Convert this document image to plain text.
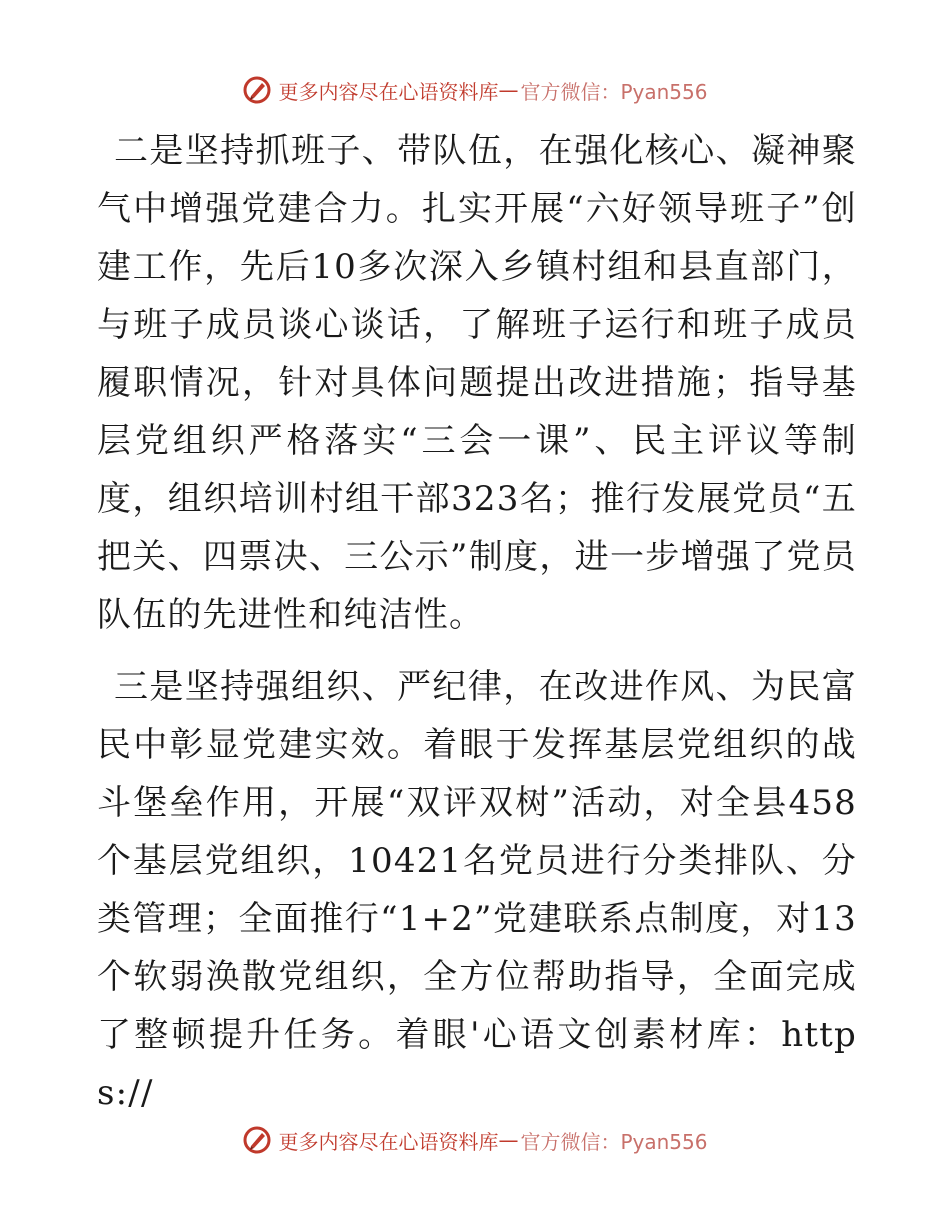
更多内容尽在心语资料库 — 官方微信：Pyan556

二是坚持抓班子、带队伍，在强化核心、凝神聚气中增强党建合力。扎实开展“六好领导班子”创建工作，先后10多次深入乡镇村组和县直部门，与班子成员谈心谈话，了解班子运行和班子成员履职情况，针对具体问题提出改进措施；指导基层党组织严格落实“三会一课”、民主评议等制度，组织培训村组干部323名；推行发展党员“五把关、四票决、三公示”制度，进一步增强了党员队伍的先进性和纯洁性。

三是坚持强组织、严纪律，在改进作风、为民富民中彰显党建实效。着眼于发挥基层党组织的战斗堡垒作用，开展“双评双树”活动，对全县458个基层党组织，10421名党员进行分类排队、分类管理；全面推行“1+2”党建联系点制度，对13个软弱涣散党组织，全方位帮助指导，全面完成了整顿提升任务。着眼'心语文创素材库：https://

更多内容尽在心语资料库 — 官方微信：Pyan556
